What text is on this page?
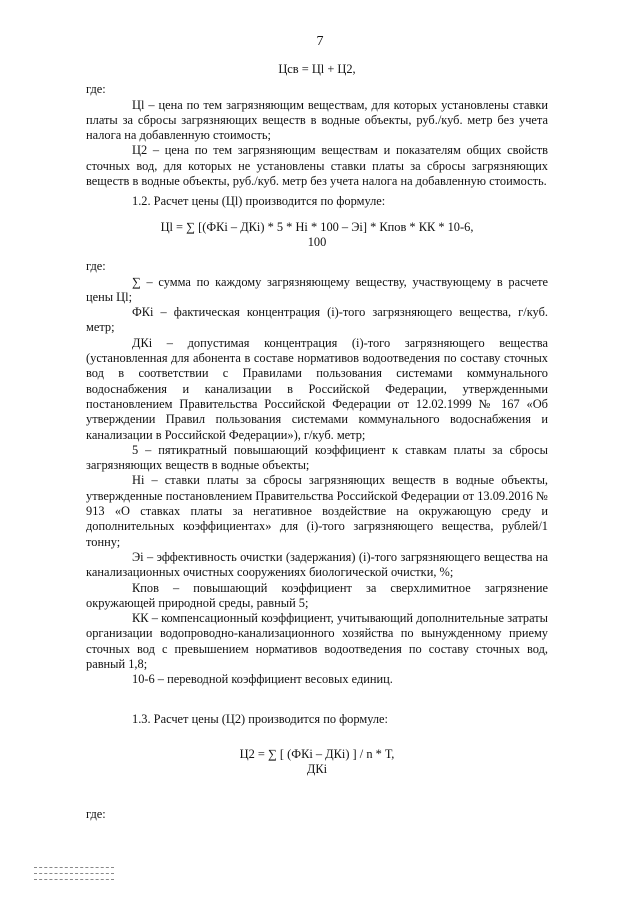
7

Цсв = Цl + Ц2,

где:

Цl – цена по тем загрязняющим веществам, для которых установлены ставки платы за сбросы загрязняющих веществ в водные объекты, руб./куб. метр без учета налога на добавленную стоимость;

Ц2 – цена по тем загрязняющим веществам и показателям общих свойств сточных вод, для которых не установлены ставки платы за сбросы загрязняющих веществ в водные объекты, руб./куб. метр без учета налога на добавленную стоимость.

1.2. Расчет цены (Цl) производится по формуле:

Цl = ∑ [(ФКi – ДКi) * 5 * Нi * 100 – Эi] * Кпов * КК * 10-6,
100

где:

∑ – сумма по каждому загрязняющему веществу, участвующему в расчете цены Цl;

ФКi – фактическая концентрация (i)-того загрязняющего вещества, г/куб. метр;

ДКi – допустимая концентрация (i)-того загрязняющего вещества (установленная для абонента в составе нормативов водоотведения по составу сточных вод в соответствии с Правилами пользования системами коммунального водоснабжения и канализации в Российской Федерации, утвержденными постановлением Правительства Российской Федерации от 12.02.1999 № 167 «Об утверждении Правил пользования системами коммунального водоснабжения и канализации в Российской Федерации»), г/куб. метр;

5 – пятикратный повышающий коэффициент к ставкам платы за сбросы загрязняющих веществ в водные объекты;

Нi – ставки платы за сбросы загрязняющих веществ в водные объекты, утвержденные постановлением Правительства Российской Федерации от 13.09.2016 № 913 «О ставках платы за негативное воздействие на окружающую среду и дополнительных коэффициентах» для (i)-того загрязняющего вещества, рублей/1 тонну;

Эi – эффективность очистки (задержания) (i)-того загрязняющего вещества на канализационных очистных сооружениях биологической очистки, %;

Кпов – повышающий коэффициент за сверхлимитное загрязнение окружающей природной среды, равный 5;

КК – компенсационный коэффициент, учитывающий дополнительные затраты организации водопроводно-канализационного хозяйства по вынужденному приему сточных вод с превышением нормативов водоотведения по составу сточных вод, равный 1,8;

10-6 – переводной коэффициент весовых единиц.

1.3. Расчет цены (Ц2) производится по формуле:

Ц2 = ∑ [ (ФКi – ДКi) ] / n * Т,
ДКi

где:
